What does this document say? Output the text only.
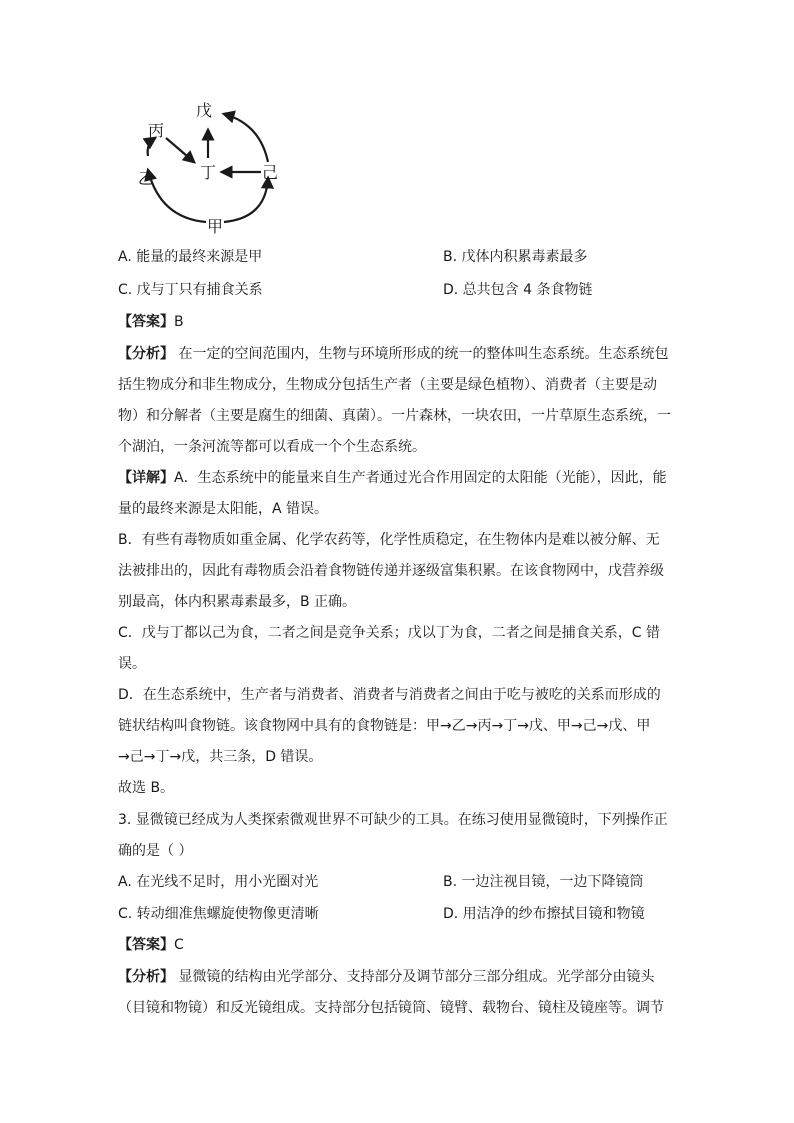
戊
丙
丁	己
乙
甲
A. 能量的最终来源是甲	B. 戊体内积累毒素最多
C. 戊与丁只有捕食关系	D. 总共包含 4 条食物链
【答案】B
【分析】 在一定的空间范围内，生物与环境所形成的统一的整体叫生态系统。生态系统包
括生物成分和非生物成分，生物成分包括生产者（主要是绿色植物）、消费者（主要是动
物）和分解者（主要是腐生的细菌、真菌）。一片森林，一块农田，一片草原生态系统，一
个湖泊，一条河流等都可以看成一个个生态系统。
【详解】A．生态系统中的能量来自生产者通过光合作用固定的太阳能（光能），因此，能
量的最终来源是太阳能，A 错误。
B．有些有毒物质如重金属、化学农药等，化学性质稳定，在生物体内是难以被分解、无
法被排出的，因此有毒物质会沿着食物链传递并逐级富集积累。在该食物网中，戊营养级
别最高，体内积累毒素最多，B 正确。
C．戊与丁都以己为食，二者之间是竞争关系；戊以丁为食，二者之间是捕食关系，C 错
误。
D．在生态系统中，生产者与消费者、消费者与消费者之间由于吃与被吃的关系而形成的
链状结构叫食物链。该食物网中具有的食物链是：甲→乙→丙→丁→戊、甲→己→戊、甲
→己→丁→戊，共三条，D 错误。
故选 B。
3. 显微镜已经成为人类探索微观世界不可缺少的工具。在练习使用显微镜时，下列操作正
确的是（ ）
A. 在光线不足时，用小光圈对光	B. 一边注视目镜，一边下降镜筒
C. 转动细准焦螺旋使物像更清晰	D. 用洁净的纱布擦拭目镜和物镜
【答案】C
【分析】 显微镜的结构由光学部分、支持部分及调节部分三部分组成。光学部分由镜头
（目镜和物镜）和反光镜组成。支持部分包括镜筒、镜臂、载物台、镜柱及镜座等。调节
